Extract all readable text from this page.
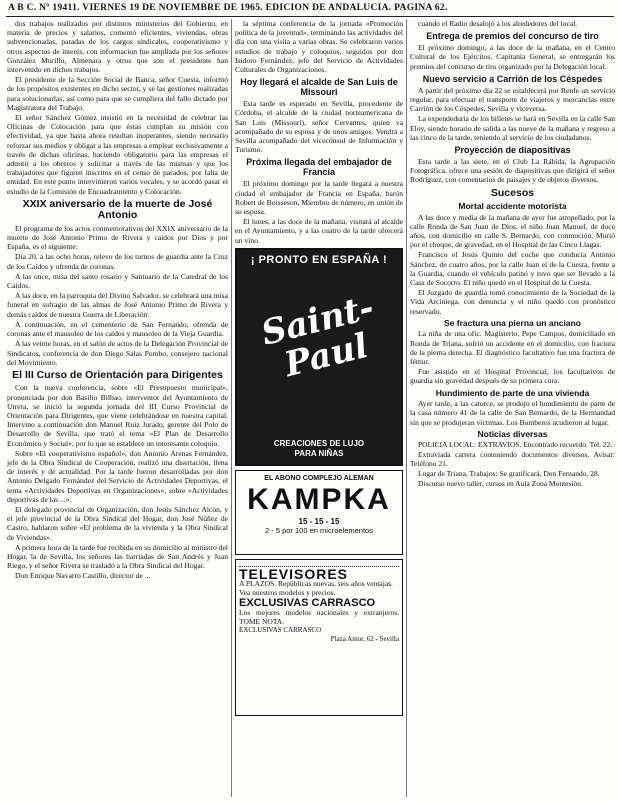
A B C. Nº 19411. VIERNES 19 DE NOVIEMBRE DE 1965. EDICION DE ANDALUCIA. PAGINA 62.

dos trabajos realizados por distintos ministerios del Gobierno, en materia de precios y salarios, comentó eficientes, viviendas, obras subvencionadas, paradas de los cargos sindicales, cooperativismo y otros aspectos de interés, con informacion fue ampliada por los señores González Murillo, Almenara y otros que son el presidente han intervenido en dichos trabajos.

El presidente de la Sección Social de Banca, señor Cuesta, informó de los propósitos existentes en dicho sector, y se las gestiones realizadas para solucionarlas, así como para que se cumpliera del fallo dictado por Magistratura del Trabajo.

El señor Sánchez Gómez insistió en la necesidad de celebrar las Oficinas de Colocación para que éstas cumplan su misión con efectividad, ya que hasta ahora resultan inoperantes, siendo necesario reforzar sus medios y obligar a las empresas a emplear exclusivamente a través de dichas oficinas, haciendo obligatorio para las empresas el admitir a los obreros y solicitar a través de las mismas y que los trabajadores que figuren inscritos en el censo de parados, por falta de entidad. En este punto intervinieron varios vocales, y se acordó pasar el estudio de la Comisión de Encuadramiento y Colocación.

XXIX aniversario de la muerte de José Antonio

El programa de los actos conmemorativos del XXIX aniversario de la muerte de José Antonio Primo de Rivera y caídos por Dios y por España, es el siguiente:

Día 20, a las ocho horas, relevo de los turnos de guardia ante la Cruz de los Caídos y ofrenda de coronas.

A las once, misa del santo rosario y Santuario de la Catedral de los Caídos.

A las doce, en la parroquia del Divino Salvador, se celebrará una misa funeral en sufragio de las almas de José Antonio Primo de Rivera y demás caídos de nuestra Guerra de Liberación.

A continuación, en el cementerio de San Fernando, ofrenda de coronas ante el mausoleo de los caídos y mausoleo de la Vieja Guardia.

A las veinte horas, en el salón de actos de la Delegación Provincial de Sindicatos, conferencia de don Diego Salas Pombo, consejero nacional del Movimiento.

El III Curso de Orientación para Dirigentes

Con la nueva conferencia, sobre «El Presupuesto municipal», pronunciada por don Basilio Bilbao, interventor del Ayuntamiento de Utrera, se inició la segunda jornada del III Curso Provincial de Orientación para Dirigentes, que viene celebrándose en nuestra capital. Intervino a continuación don Manuel Ruiz Jurado, gerente del Polo de Desarrollo de Sevilla, que trató el tema «El Plan de Desarrollo Económico y Social», por lo que se establece un interesante coloquio.

Sobre «El cooperativismo español», don Antonio Arenas Fernández, jefe de la Obra Sindical de Cooperación, realizó una disertación, llena de interés y de actualidad. Por la tarde fueron desarrolladas por don Antonio Delgado Fernández del Servicio de Actividades Deportivas, el tema «Actividades Deportivas en Organizaciones», sobre «Actividades deportivas de las ...».

El delegado provincial de Organización, don Jesús Sánchez Alcón, y el jefe provincial de la Obra Sindical del Hogar, don José Núñez de Castro, hablaron sobre «El problema de la vivienda y la Obra Sindical de Viviendas».

A primera hora de la tarde fue recibida en su domicilio al ministro del Hogar, la de Sevilla, los señores las barriadas de San Andrés y Juan Riego, y el señor Rivera se trasladó a la Obra Sindical del Hogar.

Don Enrique Navarro Castillo, director de ...

la séptima conferencia de la jornada «Promoción política de la juventud», terminando las actividades del día con una visita a varias obras. Se celebraron varios estudios de trabajo y coloquios, seguidos por don Isidoro Fernández, jefe del Servicio de Actividades Culturales de Organizaciones.

Hoy llegará el alcalde de San Luis de Missouri

Esta tarde es esperado en Sevilla, procedente de Córdoba, el alcalde de la ciudad norteamericana de San Luis (Missouri), señor Cervantes, quien va acompañado de su esposa y de unos amigos. Vendrá a Sevilla acompañado del vicecónsul de Información y Turismo.

Próxima llegada del embajador de Francia

El próximo domingo por la tarde llegará a nuestra ciudad el embajador de Francia en España, barón Robert de Boisseson, Miembro de número, en unión de su esposa.

El lunes, a las doce de la mañana, visitará al alcalde en el Ayuntamiento, y a las cuatro de la tarde ofrecerá un vino.

¡ PRONTO EN ESPAÑA !
Saint-Paul
CREACIONES DE LUJO
PARA NIÑAS
EL ABONO COMPLEJO ALEMAN
KAMPKA
15 - 15 - 15
2 - 5 por 100 en microelementos
TELEVISORES
A PLAZOS. Repúblicas nuevas, seis años ventajas.
Vea nuestros modelos y precios.
EXCLUSIVAS CARRASCO
Los mejores modelos nacionales y extranjeros. TOME NOTA.
EXCLUSIVAS CARRASCO
Plaza Amor, 62 - Sevilla

cuando el Radio desalojó a los alrededores del local.

Entrega de premios del concurso de tiro

El próximo domingo, a las doce de la mañana, en el Centro Cultural de los Ejércitos, Capitanía General, se entregarán los premios del concurso de tiro organizado por la Delegación local.

Nuevo servicio a Carrión de los Céspedes

A partir del próximo día 22 se establecerá por Renfe un servicio regular, para efectuar el transporte de viajeros y mercancías entre Carrión de los Céspedes, Sevilla y viceversa.

La expendeduría de los billetes se hará en Sevilla en la calle San Eloy, siendo horario de salida a las nueve de la mañana y regreso a las cinco de la tarde, teniendo al servicio de los ciudadanos.

Proyección de diapositivas

Esta tarde a las siete, en el Club La Rábida, la Agrupación Fotográfica, ofrece una sesión de diapositivas que dirigirá el señor Rodríguez, con comentarios de paisajes y de objetos diversos.

Sucesos
Mortal accidente motorista

A las doce y media de la mañana de ayer fue atropellado, por la calle Ronda de San Juan de Dios, el niño Juan Manuel, de doce años, con domicilio en calle S. Bernardo, con conmoción. Murió por el choque, de gravedad, en el Hospital de las Cinco Llagas.

Francisco el Jesús Quinto del coche que conducía Antonio Sánchez, de cuatro años, por la calle Juan el de la Cuesta, frente a la Guardia, cuando el vehículo patinó y tuvo que ser llevado a la Casa de Socorro. El niño quedó en el Hospital de la Cuesta.

El Juzgado de guardia tomó conocimiento de la Sociedad de la Vida Arciniega, con denuncia y el niño quedó con pronóstico reservado.

Se fractura una pierna un anciano

La niña de una ofic. Magisterio, Pepe Campos, domiciliado en Ronda de Triana, sufrió un accidente en el domicilio, con fractura de la pierna derecha. El diagnóstico facultativo fue una fractura de fémur.

Fue asistido en el Hospital Provincial, los facultativos de guardia sin gravedad después de su primera cura.

Hundimiento de parte de una vivienda

Ayer tarde, a las catorce, se produjo el hundimiento de parte de la casa número 41 de la calle de San Bernardo, de la Hermandad sin que se produjeran víctimas. Los Bomberos acudieron al lugar.

Noticias diversas

POLICIA LOCAL: EXTRAVIOS. Encontrado recuerdo. Tel. 22.

Extraviada cartera conteniendo documentos diversos. Avisar: Teléfono 21.

Lugar de Triana, Trabajos: Se gratificará, Don Fernando, 28.

Discurso nuevo taller, cursos en Aula Zona Montesión.
